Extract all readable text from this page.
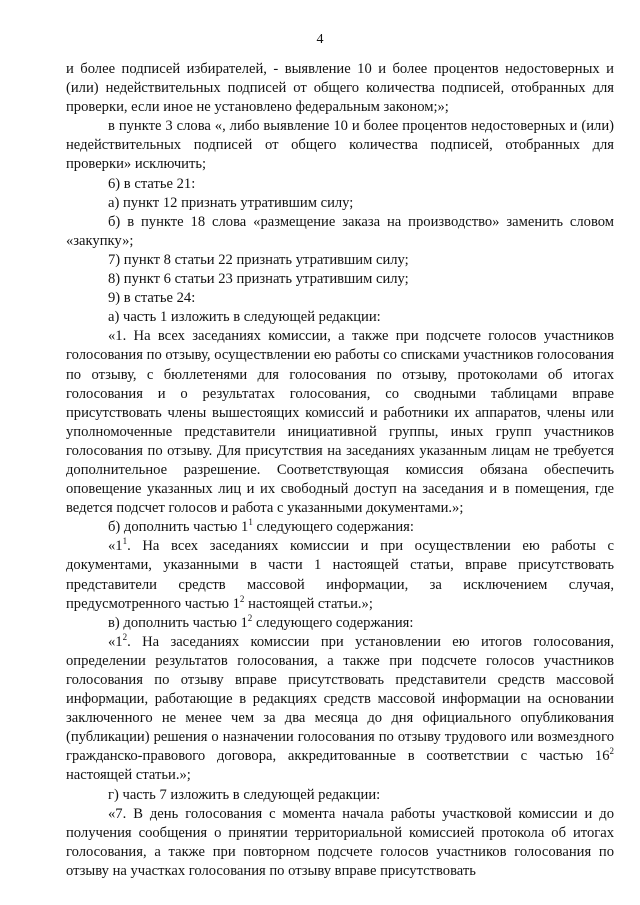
4

и более подписей избирателей, - выявление 10 и более процентов недостоверных и (или) недействительных подписей от общего количества подписей, отобранных для проверки, если иное не установлено федеральным законом;»;

в пункте 3 слова «, либо выявление 10 и более процентов недостоверных и (или) недействительных подписей от общего количества подписей, отобранных для проверки» исключить;

6) в статье 21:

а) пункт 12 признать утратившим силу;

б) в пункте 18 слова «размещение заказа на производство» заменить словом «закупку»;

7) пункт 8 статьи 22 признать утратившим силу;

8) пункт 6 статьи 23 признать утратившим силу;

9) в статье 24:

а) часть 1 изложить в следующей редакции:

«1. На всех заседаниях комиссии, а также при подсчете голосов участников голосования по отзыву, осуществлении ею работы со списками участников голосования по отзыву, с бюллетенями для голосования по отзыву, протоколами об итогах голосования и о результатах голосования, со сводными таблицами вправе присутствовать члены вышестоящих комиссий и работники их аппаратов, члены или уполномоченные представители инициативной группы, иных групп участников голосования по отзыву. Для присутствия на заседаниях указанным лицам не требуется дополнительное разрешение. Соответствующая комиссия обязана обеспечить оповещение указанных лиц и их свободный доступ на заседания и в помещения, где ведется подсчет голосов и работа с указанными документами.»;

б) дополнить частью $1^1$ следующего содержания:

«$1^1$. На всех заседаниях комиссии и при осуществлении ею работы с документами, указанными в части 1 настоящей статьи, вправе присутствовать представители средств массовой информации, за исключением случая, предусмотренного частью $1^2$ настоящей статьи.»;

в) дополнить частью $1^2$ следующего содержания:

«$1^2$. На заседаниях комиссии при установлении ею итогов голосования, определении результатов голосования, а также при подсчете голосов участников голосования по отзыву вправе присутствовать представители средств массовой информации, работающие в редакциях средств массовой информации на основании заключенного не менее чем за два месяца до дня официального опубликования (публикации) решения о назначении голосования по отзыву трудового или возмездного гражданско-правового договора, аккредитованные в соответствии с частью $16^2$ настоящей статьи.»;

г) часть 7 изложить в следующей редакции:

«7. В день голосования с момента начала работы участковой комиссии и до получения сообщения о принятии территориальной комиссией протокола об итогах голосования, а также при повторном подсчете голосов участников голосования по отзыву на участках голосования по отзыву вправе присутствовать
